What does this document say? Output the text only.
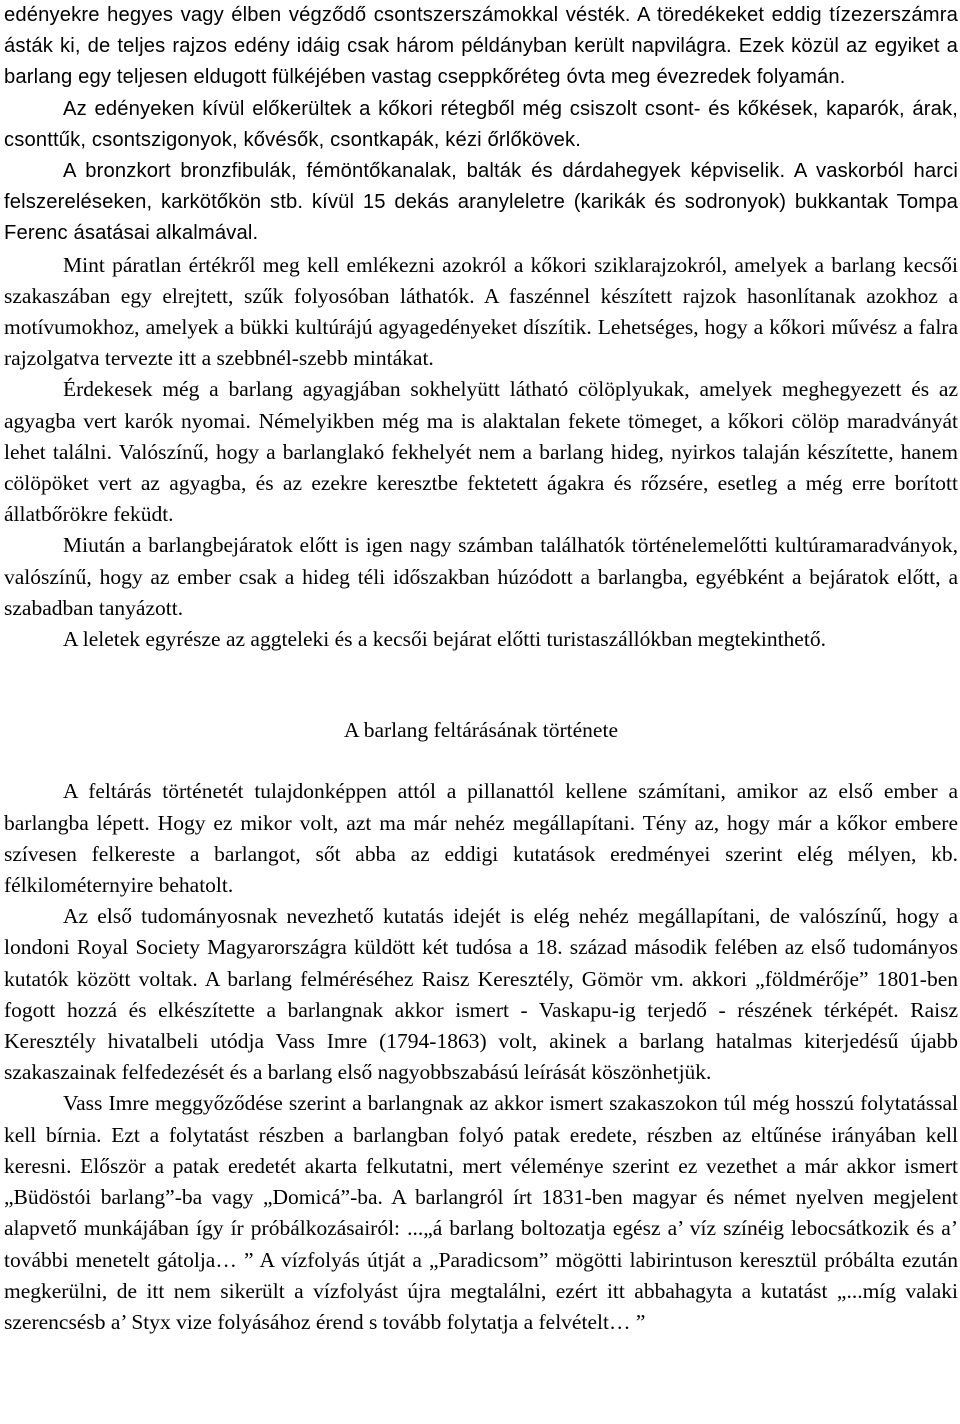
edényekre hegyes vagy élben végződő csontszerszámokkal vésték. A töredékeket eddig tízezerszámra ásták ki, de teljes rajzos edény idáig csak három példányban került napvilágra. Ezek közül az egyiket a barlang egy teljesen eldugott fülkéjében vastag cseppkőréteg óvta meg évezredek folyamán.

Az edényeken kívül előkerültek a kőkori rétegből még csiszolt csont- és kőkések, kaparók, árak, csonttűk, csontszigonyok, kővésők, csontkapák, kézi őrlőkövek.

A bronzkort bronzfibulák, fémöntőkanalak, balták és dárdahegyek képviselik. A vaskorból harci felszereléseken, karkötőkön stb. kívül 15 dekás aranyleletre (karikák és sodronyok) bukkantak Tompa Ferenc ásatásai alkalmával.

Mint páratlan értékről meg kell emlékezni azokról a kőkori sziklarajzokról, amelyek a barlang kecsői szakaszában egy elrejtett, szűk folyosóban láthatók. A faszénnel készített rajzok hasonlítanak azokhoz a motívumokhoz, amelyek a bükki kultúrájú agyagedényeket díszítik. Lehetséges, hogy a kőkori művész a falra rajzolgatva tervezte itt a szebbnél-szebb mintákat.

Érdekesek még a barlang agyagjában sokhelyütt látható cölöplyukak, amelyek meghegyezett és az agyagba vert karók nyomai. Némelyikben még ma is alaktalan fekete tömeget, a kőkori cölöp maradványát lehet találni. Valószínű, hogy a barlanglakó fekhelyét nem a barlang hideg, nyirkos talaján készítette, hanem cölöpöket vert az agyagba, és az ezekre keresztbe fektetett ágakra és rőzsére, esetleg a még erre borított állatbőrökre feküdt.

Miután a barlangbejáratok előtt is igen nagy számban találhatók történelemelőtti kultúramaradványok, valószínű, hogy az ember csak a hideg téli időszakban húzódott a barlangba, egyébként a bejáratok előtt, a szabadban tanyázott.

A leletek egyrésze az aggteleki és a kecsői bejárat előtti turistaszállókban megtekinthető.

A barlang feltárásának története

A feltárás történetét tulajdonképpen attól a pillanattól kellene számítani, amikor az első ember a barlangba lépett. Hogy ez mikor volt, azt ma már nehéz megállapítani. Tény az, hogy már a kőkor embere szívesen felkereste a barlangot, sőt abba az eddigi kutatások eredményei szerint elég mélyen, kb. félkilométernyire behatolt.

Az első tudományosnak nevezhető kutatás idejét is elég nehéz megállapítani, de valószínű, hogy a londoni Royal Society Magyarországra küldött két tudósa a 18. század második felében az első tudományos kutatók között voltak. A barlang felméréséhez Raisz Keresztély, Gömör vm. akkori „földmérője” 1801-ben fogott hozzá és elkészítette a barlangnak akkor ismert - Vaskapu-ig terjedő - részének térképét. Raisz Keresztély hivatalbeli utódja Vass Imre (1794-1863) volt, akinek a barlang hatalmas kiterjedésű újabb szakaszainak felfedezését és a barlang első nagyobbszabású leírását köszönhetjük.

Vass Imre meggyőződése szerint a barlangnak az akkor ismert szakaszokon túl még hosszú folytatással kell bírnia. Ezt a folytatást részben a barlangban folyó patak eredete, részben az eltűnése irányában kell keresni. Először a patak eredetét akarta felkutatni, mert véleménye szerint ez vezethet a már akkor ismert „Büdöstói barlang”-ba vagy „Domicá”-ba. A barlangról írt 1831-ben magyar és német nyelven megjelent alapvető munkájában így ír próbálkozásairól: ...„á barlang boltozatja egész a’ víz színéig lebocsátkozik és a’ további menetelt gátolja… ” A vízfolyás útját a „Paradicsom” mögötti labirintuson keresztül próbálta ezután megkerülni, de itt nem sikerült a vízfolyást újra megtalálni, ezért itt abbahagyta a kutatást „...míg valaki szerencsésb a’ Styx vize folyásához érend s tovább folytatja a felvételt… ”
